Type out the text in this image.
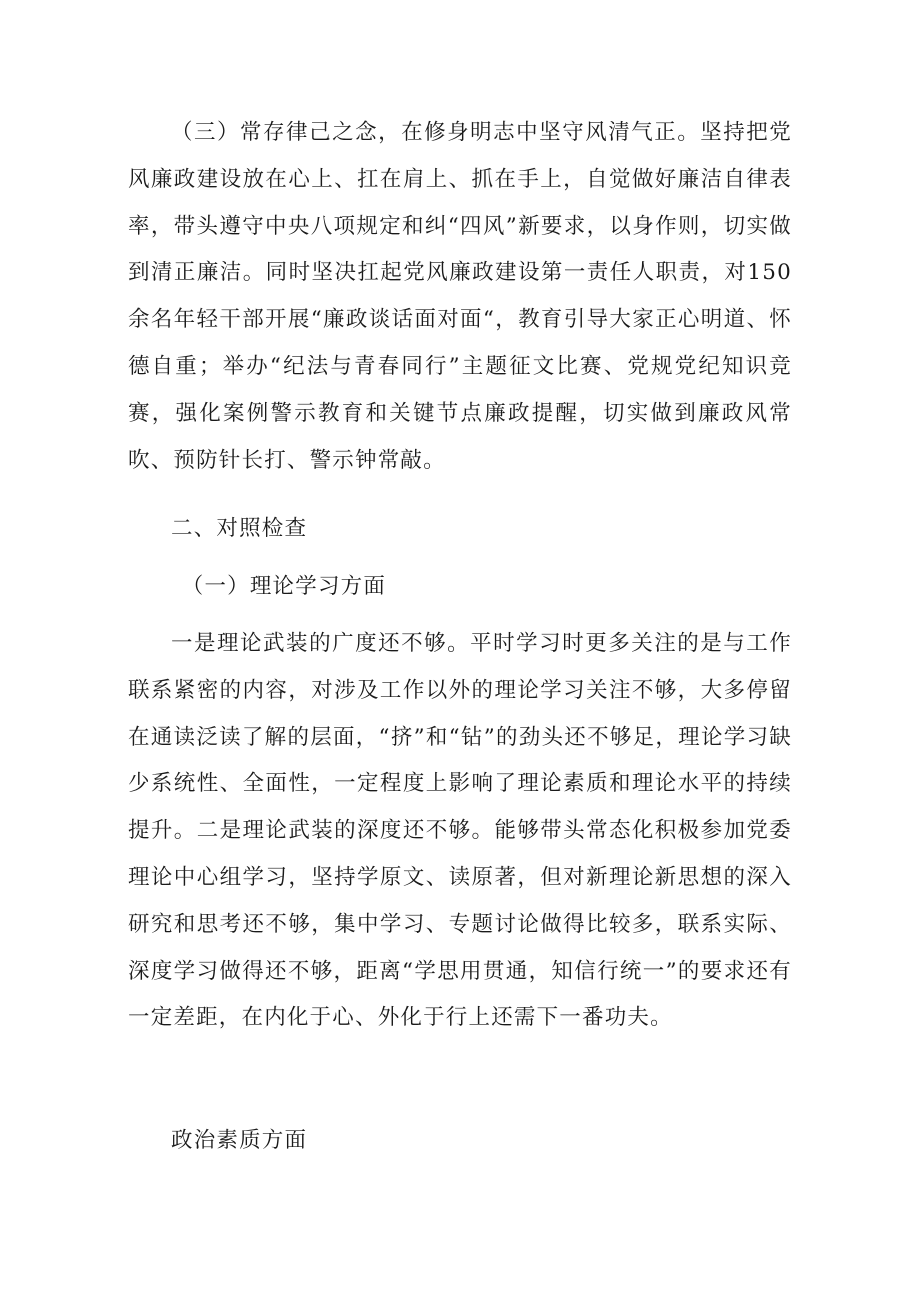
（三）常存律己之念，在修身明志中坚守风清气正。坚持把党风廉政建设放在心上、扛在肩上、抓在手上，自觉做好廉洁自律表率，带头遵守中央八项规定和纠“四风”新要求，以身作则，切实做到清正廉洁。同时坚决扛起党风廉政建设第一责任人职责，对150余名年轻干部开展“廉政谈话面对面“，教育引导大家正心明道、怀德自重；举办“纪法与青春同行”主题征文比赛、党规党纪知识竞赛，强化案例警示教育和关键节点廉政提醒，切实做到廉政风常吹、预防针长打、警示钟常敲。

二、对照检查

（一）理论学习方面

一是理论武装的广度还不够。平时学习时更多关注的是与工作联系紧密的内容，对涉及工作以外的理论学习关注不够，大多停留在通读泛读了解的层面，“挤”和“钻”的劲头还不够足，理论学习缺少系统性、全面性，一定程度上影响了理论素质和理论水平的持续提升。二是理论武装的深度还不够。能够带头常态化积极参加党委理论中心组学习，坚持学原文、读原著，但对新理论新思想的深入研究和思考还不够，集中学习、专题讨论做得比较多，联系实际、深度学习做得还不够，距离“学思用贯通，知信行统一”的要求还有一定差距，在内化于心、外化于行上还需下一番功夫。

政治素质方面
